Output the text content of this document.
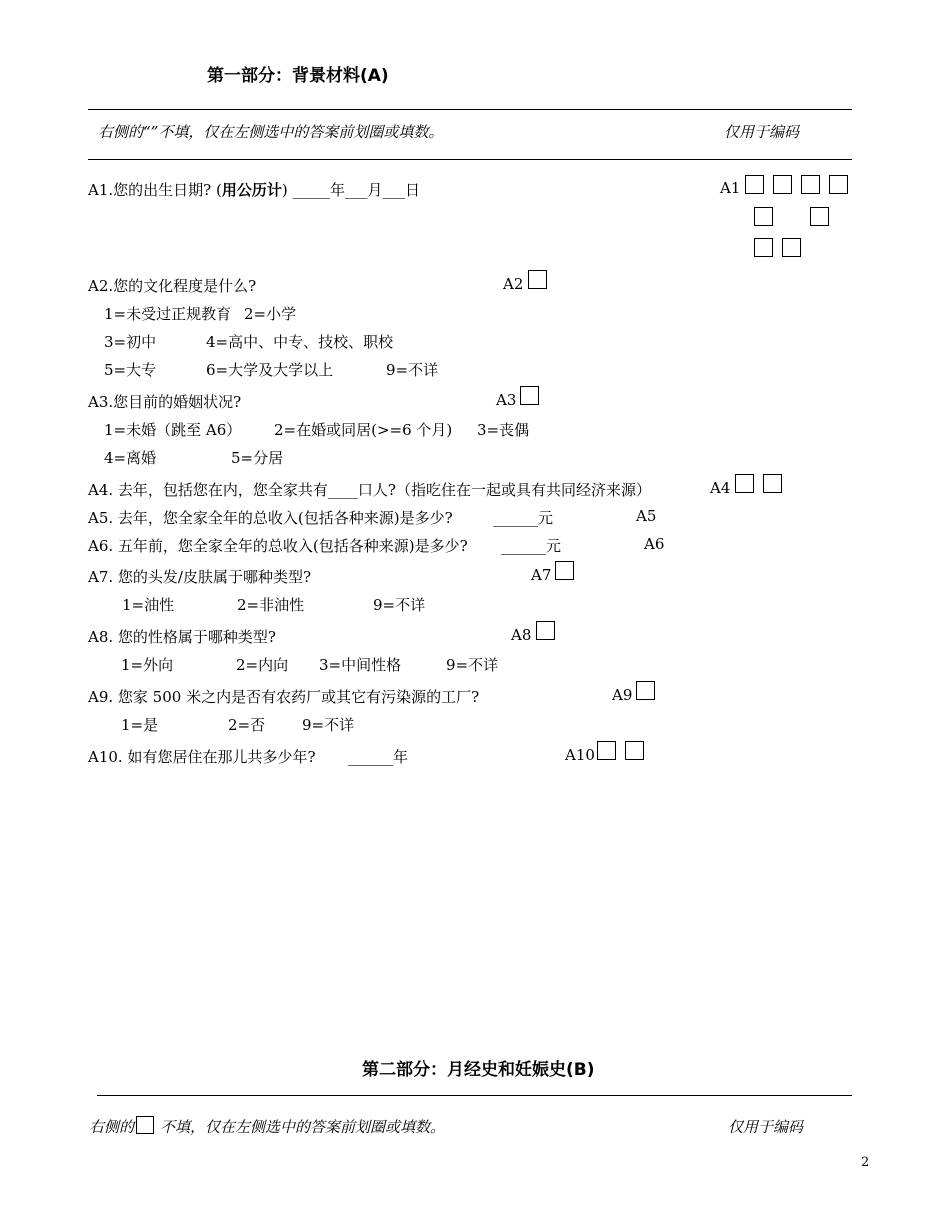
第一部分：背景材料(A)
右侧的“”不填，仅在左侧选中的答案前划圈或填数。	仅用于编码
A1.您的出生日期? (用公历计) _____年___月___日	A1
A2.您的文化程度是什么?	A2
1=未受过正规教育 2=小学
3=初中	4=高中、中专、技校、职校
5=大专	6=大学及大学以上	9=不详
A3.您目前的婚姻状况?	A3
1=未婚（跳至 A6） 2=在婚或同居(>=6 个月) 3=丧偶
4=离婚	5=分居
A4. 去年，包括您在内，您全家共有____口人?（指吃住在一起或具有共同经济来源）	A4
A5. 去年，您全家全年的总收入(包括各种来源)是多少?	______元	A5
A6. 五年前，您全家全年的总收入(包括各种来源)是多少? ______元	A6
A7. 您的头发/皮肤属于哪种类型?	A7
1=油性	2=非油性	9=不详
A8. 您的性格属于哪种类型?	A8
1=外向	2=内向 3=中间性格	9=不详
A9. 您家 500 米之内是否有农药厂或其它有污染源的工厂?	A9
1=是	2=否 9=不详
A10. 如有您居住在那儿共多少年? ______年	A10
第二部分：月经史和妊娠史(B)
右侧的 不填，仅在左侧选中的答案前划圈或填数。	仅用于编码
2
